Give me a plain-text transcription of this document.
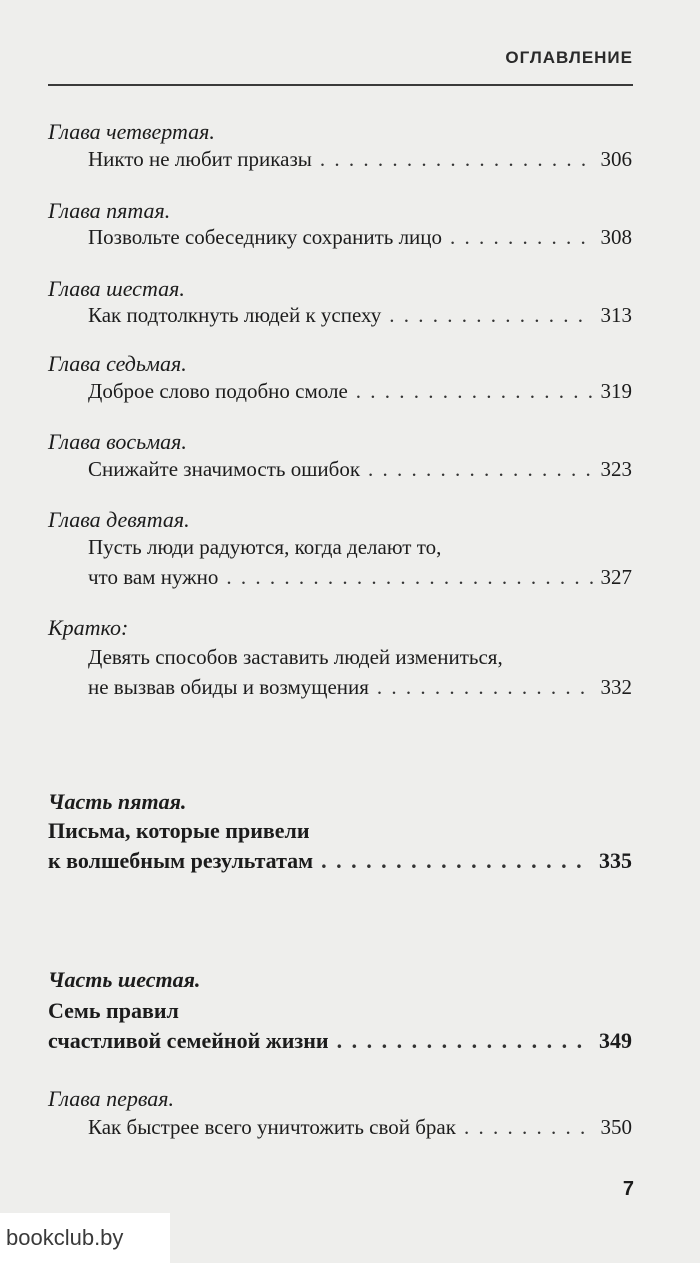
ОГЛАВЛЕНИЕ
Глава четвертая.
Никто не любит приказы . . .	306
Глава пятая.
Позвольте собеседнику сохранить лицо . . .	308
Глава шестая.
Как подтолкнуть людей к успеху . . .	313
Глава седьмая.
Доброе слово подобно смоле . . .	319
Глава восьмая.
Снижайте значимость ошибок . . .	323
Глава девятая.
Пусть люди радуются, когда делают то,
что вам нужно . . .	327
Кратко:
Девять способов заставить людей измениться,
не вызвав обиды и возмущения . . .	332
Часть пятая.
Письма, которые привели
к волшебным результатам . . .	335
Часть шестая.
Семь правил
счастливой семейной жизни . . .	349
Глава первая.
Как быстрее всего уничтожить свой брак . . .	350
7
bookclub.by
